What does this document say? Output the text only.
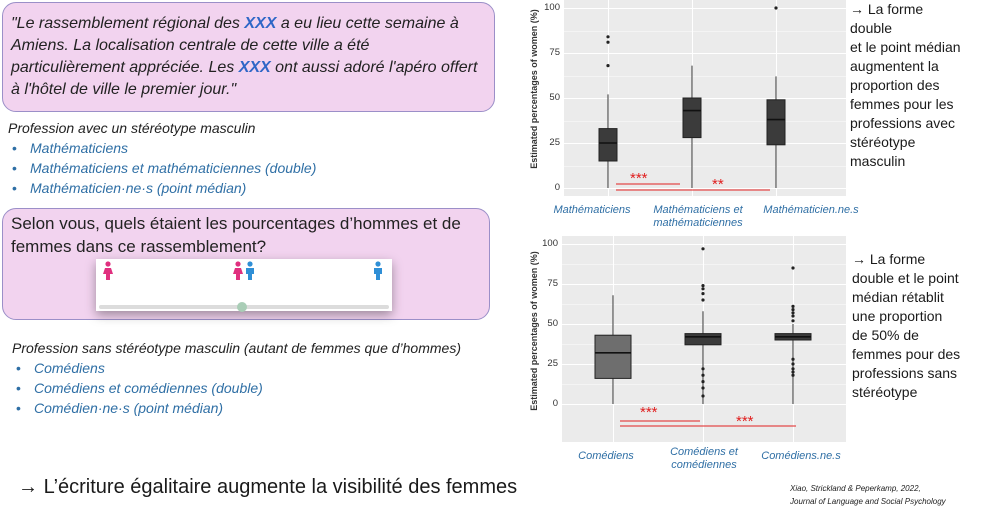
"Le rassemblement régional des XXX a eu lieu cette semaine à Amiens. La localisation centrale de cette ville a été particulièrement appréciée. Les XXX ont aussi adoré l'apéro offert à l'hôtel de ville le premier jour."
Profession avec un stéréotype masculin
• Mathématiciens
• Mathématiciens et mathématiciennes (double)
• Mathématicien·ne·s (point médian)
Selon vous, quels étaient les pourcentages d’hommes et de femmes dans ce rassemblement?
Profession sans stéréotype masculin (autant de femmes que d’hommes)
• Comédiens
• Comédiens et comédiennes (double)
• Comédien·ne·s (point médian)
Estimated percentages of women (%)
0
25
50
75
100
***	**
Mathématiciens	Mathématiciens et mathématiciennes
Mathématicien.ne.s
Estimated percentages of women (%)	0
25
50
75
100
***
***
Comédiens	Comédiens et comédiennes
Comédiens.ne.s
→ La forme
double
et le point médian
augmentent la
proportion des
femmes pour les
professions avec
stéréotype
masculin
→ La forme
double et le point
médian rétablit
une proportion
de 50% de
femmes pour des
professions sans
stéréotype
→ L’écriture égalitaire augmente la visibilité des femmes	Xiao, Strickland & Peperkamp, 2022,
Journal of Language and Social Psychology
